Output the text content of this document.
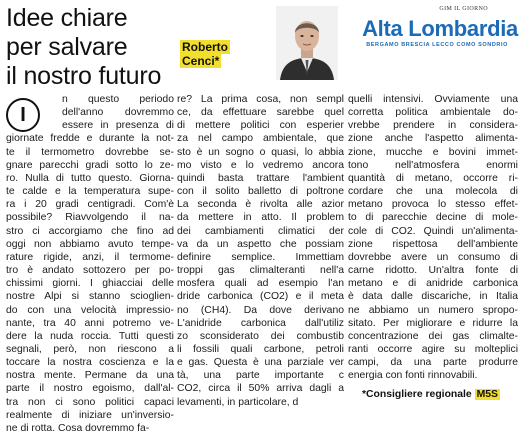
Idee chiare
per salvare
il nostro futuro
Roberto
Cenci*
GIM IL GIORNO
Alta Lombardia
BERGAMO BRESCIA LECCO COMO SONDRIO
I
n questo periodo
dell'anno dovremmo
essere in presenza di
giornate fredde e durante la not-
te il termometro dovrebbe se-
gnare parecchi gradi sotto lo ze-
ro. Nulla di tutto questo. Giorna-
te calde e la temperatura supe-
ra i 20 gradi centigradi. Com'è
possibile? Riavvolgendo il na-
stro ci accorgiamo che fino ad
oggi non abbiamo avuto tempe-
rature rigide, anzi, il termome-
tro è andato sottozero per po-
chissimi giorni. I ghiacciai delle
nostre Alpi si stanno scioglien-
do con una velocità impressio-
nante, tra 40 anni potremo ve-
dere la nuda roccia. Tutti questi
segnali, però, non riescono a
toccare la nostra coscienza e la
nostra mente. Permane da una
parte il nostro egoismo, dall'al-
tra non ci sono politici capaci
realmente di iniziare un'inversio-
ne di rotta. Cosa dovremmo fa-
re? La prima cosa, non sempl
ce, da effettuare sarebbe quel
di mettere politici con esperier
za nel campo ambientale, que
sto è un sogno o quasi, lo abbia
mo visto e lo vedremo ancora
quindi basta trattare l'ambient
con il solito balletto di poltrone
La seconda è rivolta alle azior
da mettere in atto. Il problem
dei cambiamenti climatici der
va da un aspetto che possiam
definire semplice. Immettiam
troppi gas climalteranti nell'a
mosfera quali ad esempio l'an
dride carbonica (CO2) e il meta
no (CH4). Da dove derivano
L'anidride carbonica dall'utiliz
zo sconsiderato dei combustib
li fossili quali carbone, petroli
e gas. Questa è una parziale ver
tà, una parte importante c
CO2, circa il 50% arriva dagli a
levamenti, in particolare, d
quelli intensivi. Ovviamente una
corretta politica ambientale do-
vrebbe prendere in considera-
zione anche l'aspetto alimenta-
zione, mucche e bovini immet-
tono nell'atmosfera enormi
quantità di metano, occorre ri-
cordare che una molecola di
metano provoca lo stesso effet-
to di parecchie decine di mole-
cole di CO2. Quindi un'alimenta-
zione rispettosa dell'ambiente
dovrebbe avere un consumo di
carne ridotto. Un'altra fonte di
metano e di anidride carbonica
è data dalle discariche, in Italia
ne abbiamo un numero spropo-
sitato. Per migliorare e ridurre la
concentrazione dei gas climalte-
ranti occorre agire su molteplici
campi, da una parte produrre
energia con fonti rinnovabili.
*Consigliere regionale M5S
